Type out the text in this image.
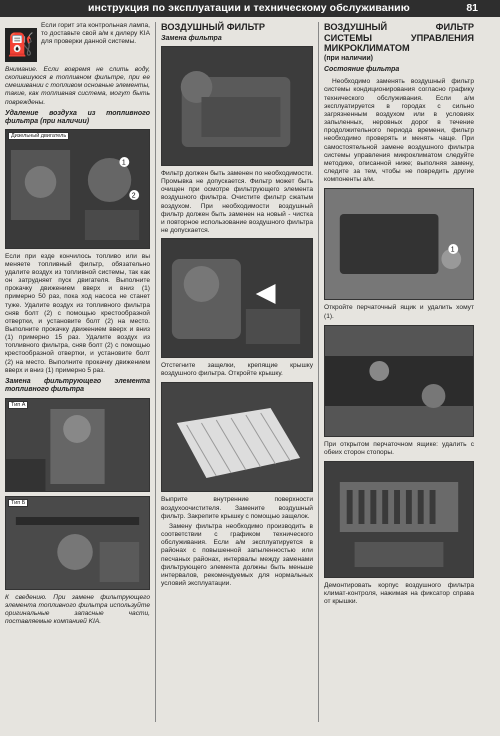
инструкция по эксплуатации и техническому обслуживанию	81
⛽

Если горит эта контрольная лампа, то доставьте свой а/м к дилеру KIA для проверки данной системы.

Внимание. Если вовремя не слить воду, скопившуюся в топливном фильтре, при ее смешивании с топливом основные элементы, такие, как топливная система, могут быть повреждены.

Удаление воздуха из топливного фильтра (при наличии)

1
2
Дизельный двигатель

Если при езде кончилось топливо или вы меняете топливный фильтр, обязательно удалите воздух из топливной системы, так как он затрудняет пуск двигателя. Выполните прокачку движением вверх и вниз (1) примерно 50 раз, пока ход насоса не станет туже. Удалите воздух из топливного фильтра сняв болт (2) с помощью крестообразной отвертки, и установите болт (2) на место. Выполните прокачку движением вверх и вниз (1) примерно 15 раз. Удалите воздух из топливного фильтра, сняв болт (2) с помощью крестообразной отвертки, и установите болт (2) на место. Выполните прокачку движением вверх и вниз (1) примерно 5 раз.

Замена фильтрующего элемента топливного фильтра

Тип А
Тип Б

К сведению. При замене фильтрующего элемента топливного фильтра используйте оригинальные запасные части, поставляемые компанией KIA.

ВОЗДУШНЫЙ ФИЛЬТР

Замена фильтра

Фильтр должен быть заменен по необходимости. Промывка не допускается. Фильтр может быть очищен при осмотре фильтрующего элемента воздушного фильтра. Очистите фильтр сжатым воздухом. При необходимости воздушный фильтр должен быть заменен на новый - чистка и повторное использование воздушного фильтра не допускается.

Отстегните защелки, крепящие крышку воздушного фильтра. Откройте крышку.

Выприте внутренние поверхности воздухоочистителя. Замените воздушный фильтр. Закрепите крышку с помощью защелок.

Замену фильтра необходимо производить в соответствии с графиком технического обслуживания. Если а/м эксплуатируется в районах с повышенной запыленностью или песчаных районах, интервалы между заменами фильтрующего элемента должны быть меньше интервалов, рекомендуемых для нормальных условий эксплуатации.

ВОЗДУШНЫЙ ФИЛЬТР СИСТЕМЫ УПРАВЛЕНИЯ МИКРОКЛИМАТОМ

(при наличии)

Состояние фильтра

Необходимо заменять воздушный фильтр системы кондиционирования согласно графику технического обслуживания. Если а/м эксплуатируется в городах с сильно загрязненным воздухом или в условиях запыленных, неровных дорог в течение продолжительного периода времени, фильтр необходимо проверять и менять чаще. При самостоятельной замене воздушного фильтра системы управления микроклиматом следуйте методике, описанной ниже; выполняя замену, следите за тем, чтобы не повредить другие компоненты а/м.

1

Откройте перчаточный ящик и удалить хомут (1).

При открытом перчаточном ящике: удалить с обеих сторон стопоры.

Демонтировать корпус воздушного фильтра климат-контроля, нажимая на фиксатор справа от крышки.
